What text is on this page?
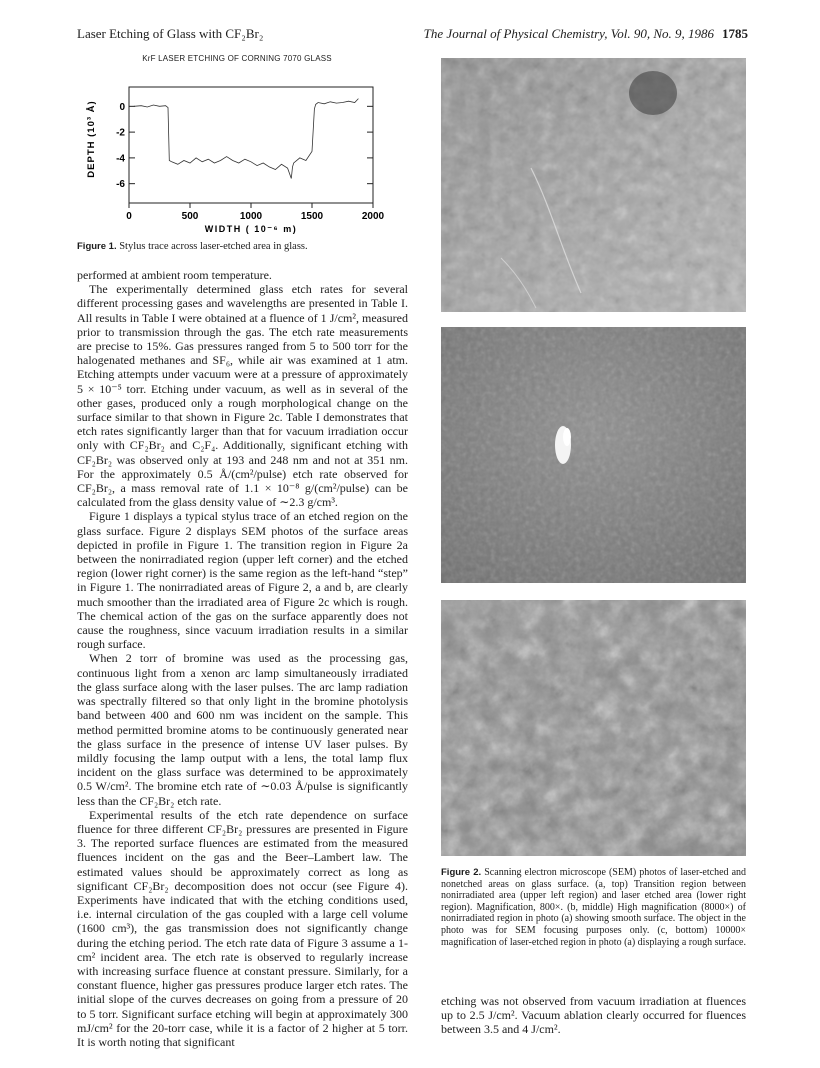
Laser Etching of Glass with CF₂Br₂	The Journal of Physical Chemistry, Vol. 90, No. 9, 1986 1785
KrF LASER ETCHING OF CORNING 7070 GLASS
DEPTH (10³ Å) 0
-2
-4
-6
0	500	1000	1500	2000
WIDTH ( 10⁻⁶ m)
Figure 1. Stylus trace across laser-etched area in glass.

performed at ambient room temperature.

The experimentally determined glass etch rates for several different processing gases and wavelengths are presented in Table I. All results in Table I were obtained at a fluence of 1 J/cm², measured prior to transmission through the gas. The etch rate measurements are precise to 15%. Gas pressures ranged from 5 to 500 torr for the halogenated methanes and SF₆, while air was examined at 1 atm. Etching attempts under vacuum were at a pressure of approximately 5 × 10⁻⁵ torr. Etching under vacuum, as well as in several of the other gases, produced only a rough morphological change on the surface similar to that shown in Figure 2c. Table I demonstrates that etch rates significantly larger than that for vacuum irradiation occur only with CF₂Br₂ and C₂F₄. Additionally, significant etching with CF₂Br₂ was observed only at 193 and 248 nm and not at 351 nm. For the approximately 0.5 Å/(cm²/pulse) etch rate observed for CF₂Br₂, a mass removal rate of 1.1 × 10⁻⁸ g/(cm²/pulse) can be calculated from the glass density value of ∼2.3 g/cm³.

Figure 1 displays a typical stylus trace of an etched region on the glass surface. Figure 2 displays SEM photos of the surface areas depicted in profile in Figure 1. The transition region in Figure 2a between the nonirradiated region (upper left corner) and the etched region (lower right corner) is the same region as the left-hand “step” in Figure 1. The nonirradiated areas of Figure 2, a and b, are clearly much smoother than the irradiated area of Figure 2c which is rough. The chemical action of the gas on the surface apparently does not cause the roughness, since vacuum irradiation results in a similar rough surface.

When 2 torr of bromine was used as the processing gas, continuous light from a xenon arc lamp simultaneously irradiated the glass surface along with the laser pulses. The arc lamp radiation was spectrally filtered so that only light in the bromine photolysis band between 400 and 600 nm was incident on the sample. This method permitted bromine atoms to be continuously generated near the glass surface in the presence of intense UV laser pulses. By mildly focusing the lamp output with a lens, the total lamp flux incident on the glass surface was determined to be approximately 0.5 W/cm². The bromine etch rate of ∼0.03 Å/pulse is significantly less than the CF₂Br₂ etch rate.

Experimental results of the etch rate dependence on surface fluence for three different CF₂Br₂ pressures are presented in Figure 3. The reported surface fluences are estimated from the measured fluences incident on the gas and the Beer–Lambert law. The estimated values should be approximately correct as long as significant CF₂Br₂ decomposition does not occur (see Figure 4). Experiments have indicated that with the etching conditions used, i.e. internal circulation of the gas coupled with a large cell volume (1600 cm³), the gas transmission does not significantly change during the etching period. The etch rate data of Figure 3 assume a 1-cm² incident area. The etch rate is observed to regularly increase with increasing surface fluence at constant pressure. Similarly, for a constant fluence, higher gas pressures produce larger etch rates. The initial slope of the curves decreases on going from a pressure of 20 to 5 torr. Significant surface etching will begin at approximately 300 mJ/cm² for the 20-torr case, while it is a factor of 2 higher at 5 torr. It is worth noting that significant

Figure 2. Scanning electron microscope (SEM) photos of laser-etched and nonetched areas on glass surface. (a, top) Transition region between nonirradiated area (upper left region) and laser etched area (lower right region). Magnification, 800×. (b, middle) High magnification (8000×) of nonirradiated region in photo (a) showing smooth surface. The object in the photo was for SEM focusing purposes only. (c, bottom) 10000× magnification of laser-etched region in photo (a) displaying a rough surface.
etching was not observed from vacuum irradiation at fluences up to 2.5 J/cm². Vacuum ablation clearly occurred for fluences between 3.5 and 4 J/cm².
